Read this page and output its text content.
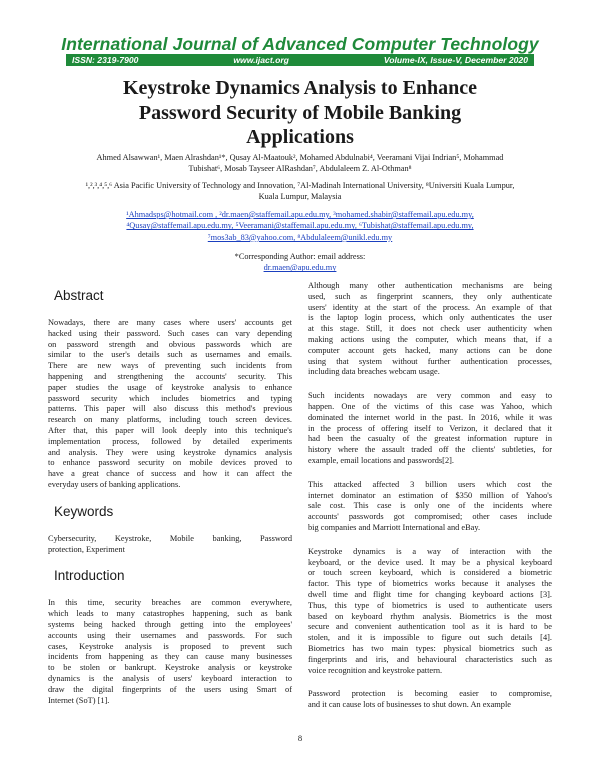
International Journal of Advanced Computer Technology
ISSN: 2319-7900	www.ijact.org	Volume-IX, Issue-V, December 2020
Keystroke Dynamics Analysis to Enhance
Password Security of Mobile Banking
Applications
Ahmed Alsawwan¹, Maen Alrashdan¹*, Qusay Al-Maatouk², Mohamed Abdulnabi⁴, Veeramani Vijai Indrian⁵, Mohammad
Tubishat⁶, Mosab Tayseer AlRashdan⁷, Abdulaleem Z. Al-Othman⁸
¹,²,³,⁴,⁵,⁶ Asia Pacific University of Technology and Innovation, ⁷Al-Madinah International University, ⁸Universiti Kuala Lumpur,
Kuala Lumpur, Malaysia
¹Ahmadsps@hotmail.com , ²dr.maen@staffemail.apu.edu.my, ³mohamed.shabir@staffemail.apu.edu.my,
⁴Qusay@staffemail.apu.edu.my, ⁵Veeramani@staffemail.apu.edu.my, ⁶Tubishat@staffemail.apu.edu.my,
⁷mos3ab_83@yahoo.com, ⁸Abdulaleem@unikl.edu.my
*Corresponding Author: email address:
dr.maen@apu.edu.my
Abstract
Nowadays, there are many cases where users' accounts get
hacked using their password. Such cases can vary depending
on password strength and obvious passwords which are
similar to the user's details such as usernames and emails.
There are new ways of preventing such incidents from
happening and strengthening the accounts' security. This
paper studies the usage of keystroke analysis to enhance
password security which includes biometrics and typing
patterns. This paper will also discuss this method's previous
research on many platforms, including touch screen devices.
After that, this paper will look deeply into this technique's
implementation process, followed by detailed experiments
and analysis. They were using keystroke dynamics analysis
to enhance password security on mobile devices proved to
have a great chance of success and how it can affect the
everyday users of banking applications.
Keywords
Cybersecurity, Keystroke, Mobile banking, Password
protection, Experiment
Introduction
In this time, security breaches are common everywhere,
which leads to many catastrophes happening, such as bank
systems being hacked through getting into the employees'
accounts using their usernames and passwords. For such
cases, Keystroke analysis is proposed to prevent such
incidents from happening as they can cause many businesses
to be stolen or bankrupt. Keystroke analysis or keystroke
dynamics is the analysis of users' keyboard interaction to
draw the digital fingerprints of the users using Smart of
Internet (SoT) [1].
Although many other authentication mechanisms are being
used, such as fingerprint scanners, they only authenticate
users' identity at the start of the process. An example of that
is the laptop login process, which only authenticates the user
at this stage. Still, it does not check user authenticity when
making actions using the computer, which means that, if a
computer account gets hacked, many actions can be done
using that system without further authentication processes,
including data breaches webcam usage.
Such incidents nowadays are very common and easy to
happen. One of the victims of this case was Yahoo, which
dominated the internet world in the past. In 2016, while it was
in the process of offering itself to Verizon, it declared that it
had been the casualty of the greatest information rupture in
history where the assault traded off the clients' subtleties, for
example, email locations and passwords[2].
This attacked affected 3 billion users which cost the
internet dominator an estimation of $350 million of Yahoo's
sale cost. This case is only one of the incidents where
accounts' passwords got compromised; other cases include
big companies and Marriott International and eBay.
Keystroke dynamics is a way of interaction with the
keyboard, or the device used. It may be a physical keyboard
or touch screen keyboard, which is considered a biometric
factor. This type of biometrics works because it analyses the
dwell time and flight time for changing keyboard actions [3].
Thus, this type of biometrics is used to authenticate users
based on keyboard rhythm analysis. Biometrics is the most
secure and convenient authentication tool as it is hard to be
stolen, and it is impossible to figure out such details [4].
Biometrics has two main types: physical biometrics such as
fingerprints and iris, and behavioural characteristics such as
voice recognition and keystroke pattern.
Password protection is becoming easier to compromise,
and it can cause lots of businesses to shut down. An example
8
